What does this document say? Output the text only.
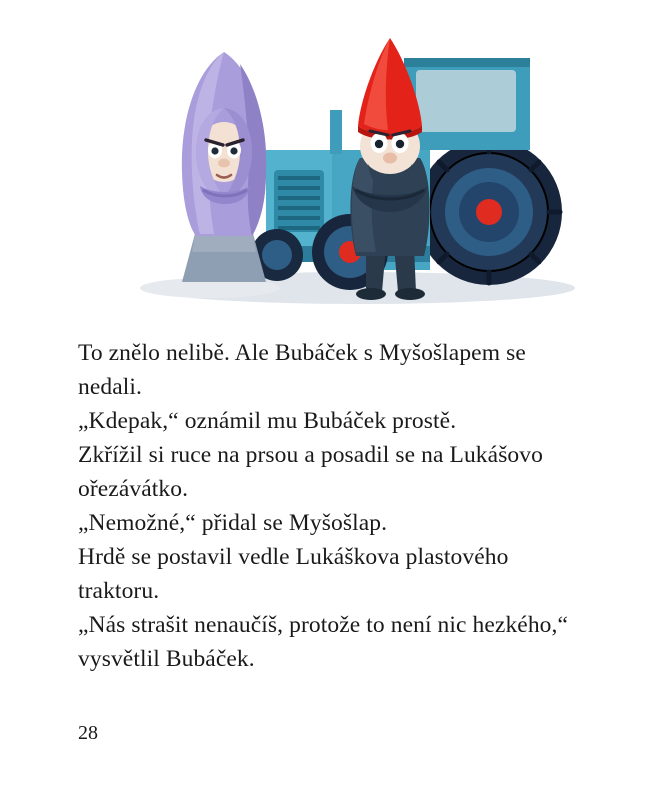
To znělo nelibě. Ale Bubáček s Myšošlapem se nedali.

„Kdepak,“ oznámil mu Bubáček prostě.

Zkřížil si ruce na prsou a posadil se na Lukášovo ořezávátko.

„Nemožné,“ přidal se Myšošlap.

Hrdě se postavil vedle Lukáškova plastového traktoru.

„Nás strašit nenaučíš, protože to není nic hezkého,“ vysvětlil Bubáček.

28
